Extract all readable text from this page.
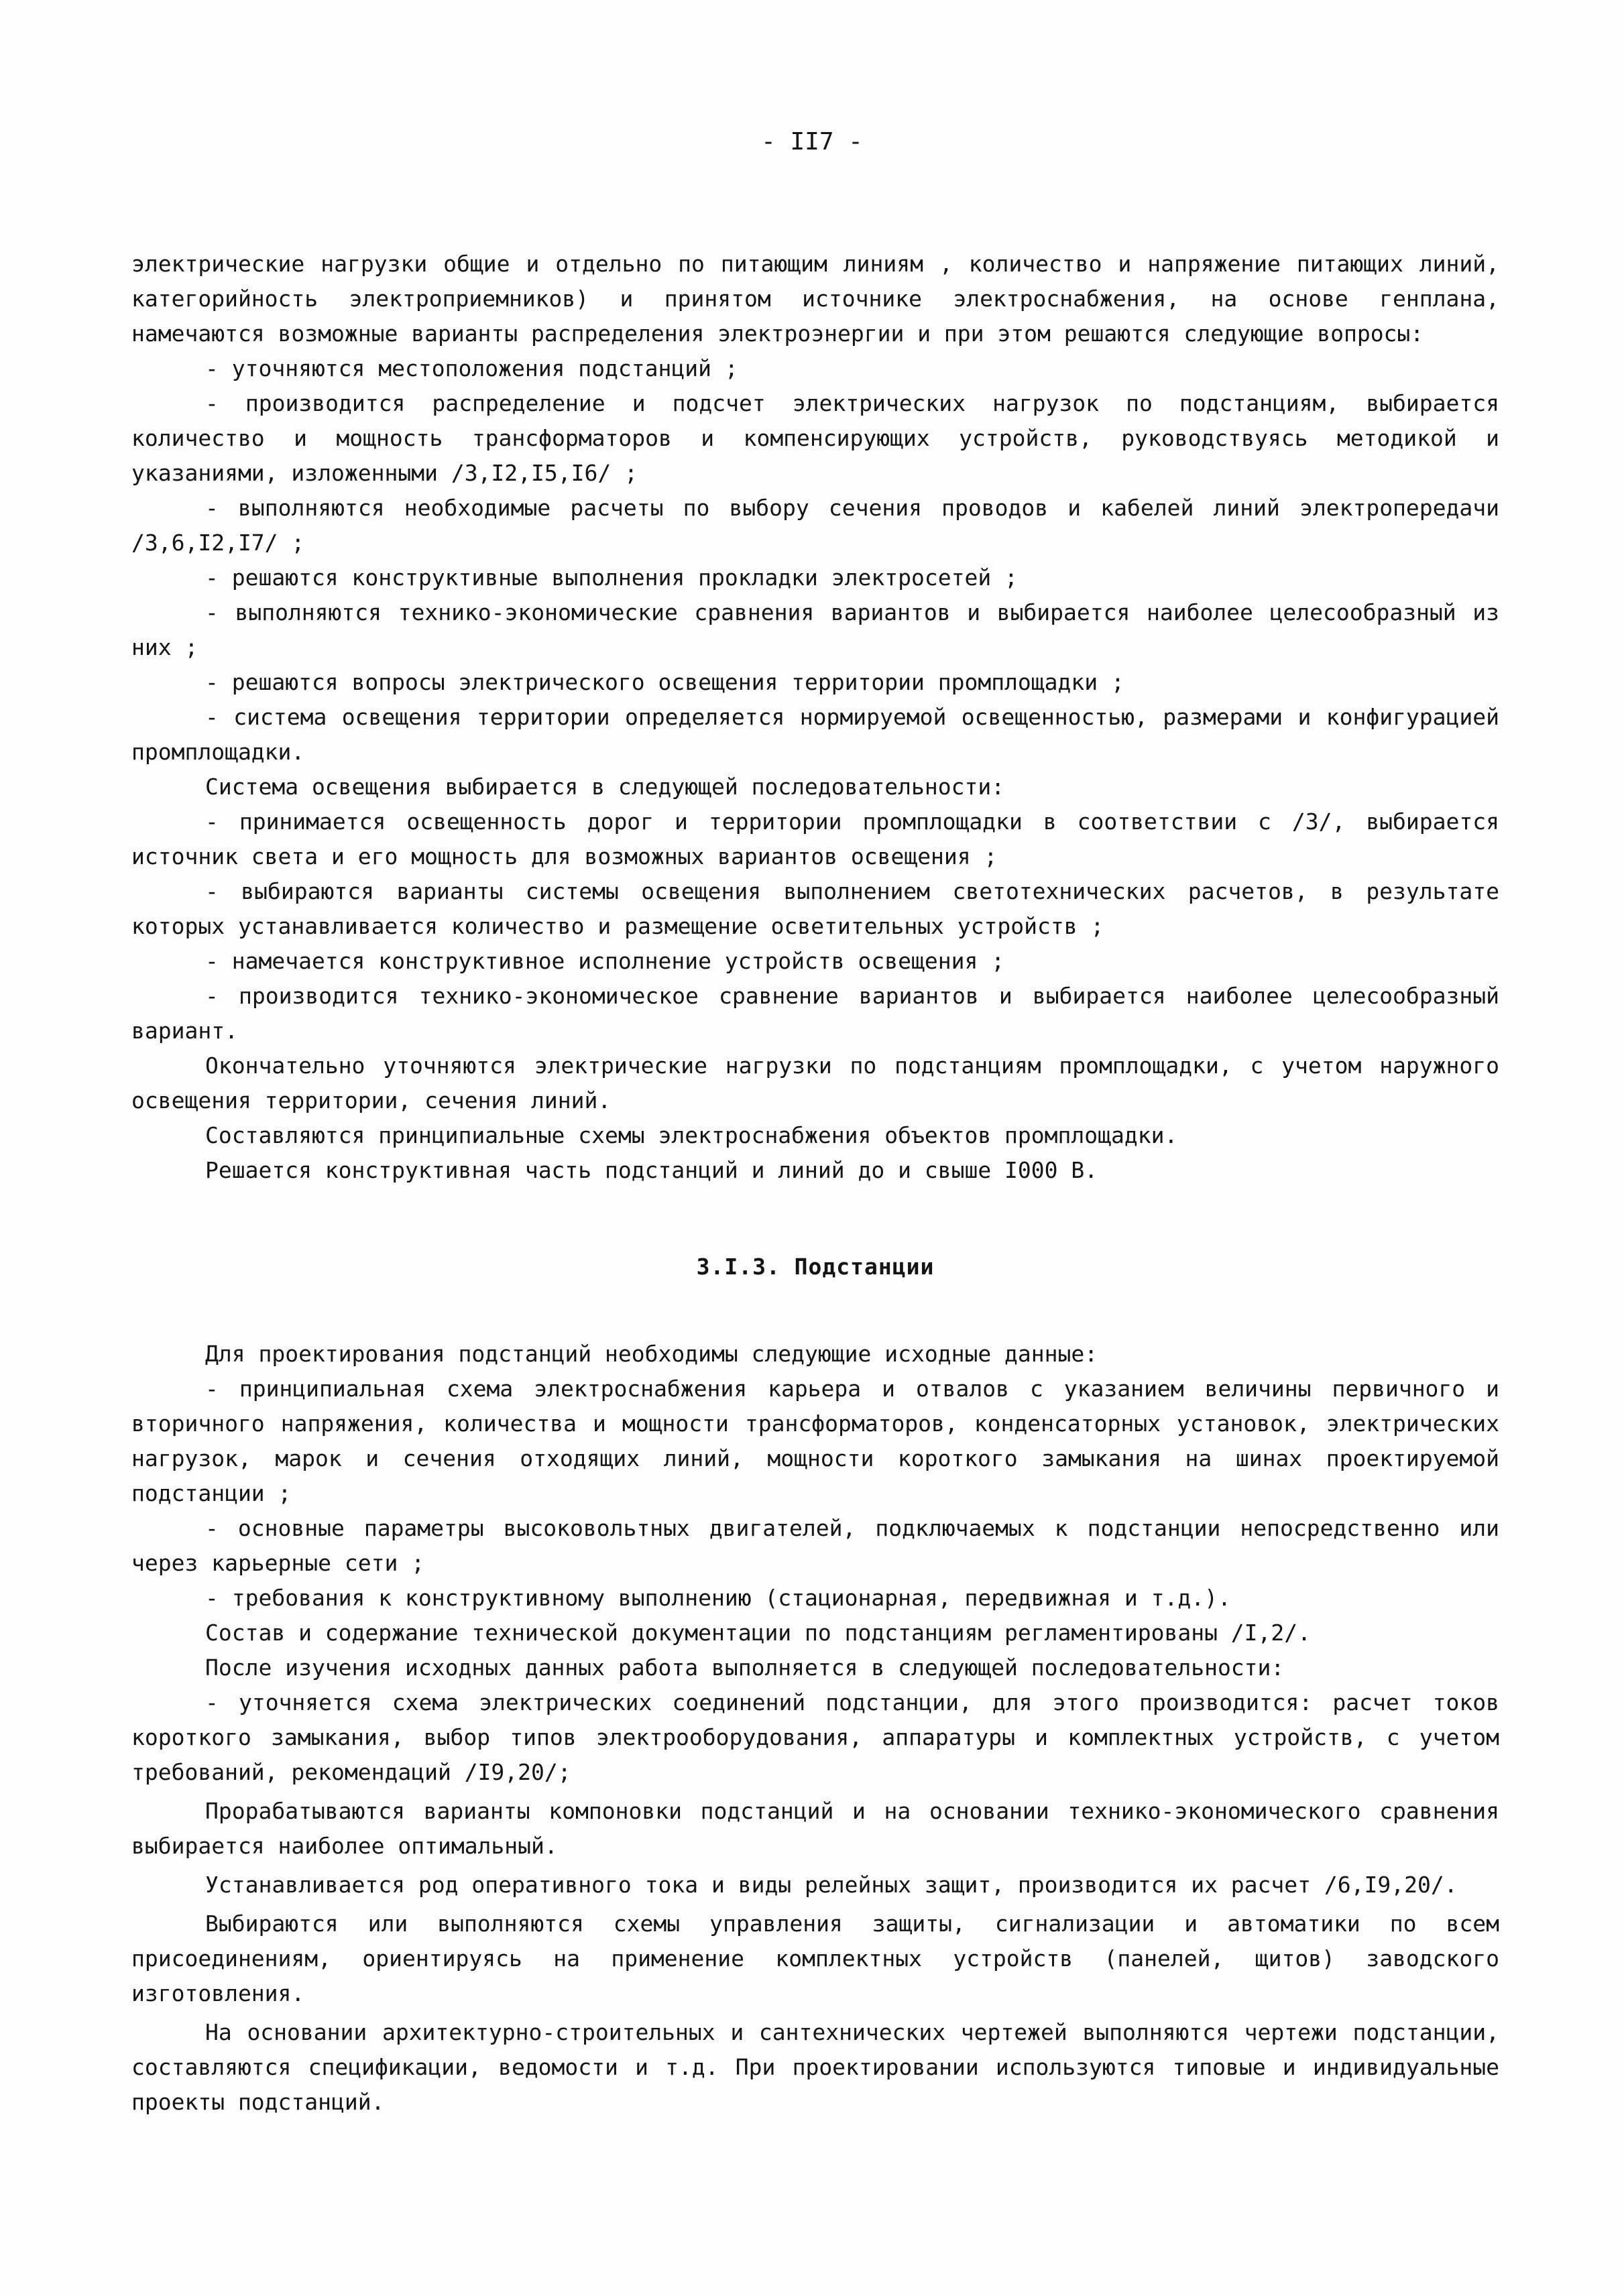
- II7 -

электрические нагрузки общие и отдельно по питающим линиям , количество и напряжение питающих линий, категорийность электроприемников) и принятом источнике электроснабжения, на основе генплана, намечаются возможные варианты распределения электроэнергии и при этом решаются следующие вопросы:

- уточняются местоположения подстанций ;

- производится распределение и подсчет электрических нагрузок по подстанциям, выбирается количество и мощность трансформаторов и компенсирующих устройств, руководствуясь методикой и указаниями, изложенными /3,I2,I5,I6/ ;

- выполняются необходимые расчеты по выбору сечения проводов и кабелей линий электропередачи /3,6,I2,I7/ ;

- решаются конструктивные выполнения прокладки электросетей ;

- выполняются технико-экономические сравнения вариантов и выбирается наиболее целесообразный из них ;

- решаются вопросы электрического освещения территории промплощадки ;

- система освещения территории определяется нормируемой освещенностью, размерами и конфигурацией промплощадки.

Система освещения выбирается в следующей последовательности:

- принимается освещенность дорог и территории промплощадки в соответствии с /3/, выбирается источник света и его мощность для возможных вариантов освещения ;

- выбираются варианты системы освещения выполнением светотехнических расчетов, в результате которых устанавливается количество и размещение осветительных устройств ;

- намечается конструктивное исполнение устройств освещения ;

- производится технико-экономическое сравнение вариантов и выбирается наиболее целесообразный вариант.

Окончательно уточняются электрические нагрузки по подстанциям промплощадки, с учетом наружного освещения территории, сечения линий.

Составляются принципиальные схемы электроснабжения объектов промплощадки.

Решается конструктивная часть подстанций и линий до и свыше I000 В.

3.I.3. Подстанции

Для проектирования подстанций необходимы следующие исходные данные:

- принципиальная схема электроснабжения карьера и отвалов с указанием величины первичного и вторичного напряжения, количества и мощности трансформаторов, конденсаторных установок, электрических нагрузок, марок и сечения отходящих линий, мощности короткого замыкания на шинах проектируемой подстанции ;

- основные параметры высоковольтных двигателей, подключаемых к подстанции непосредственно или через карьерные сети ;

- требования к конструктивному выполнению (стационарная, передвижная и т.д.).

Состав и содержание технической документации по подстанциям регламентированы /I,2/.

После изучения исходных данных работа выполняется в следующей последовательности:

- уточняется схема электрических соединений подстанции, для этого производится: расчет токов короткого замыкания, выбор типов электрооборудования, аппаратуры и комплектных устройств, с учетом требований, рекомендаций /I9,20/;

Прорабатываются варианты компоновки подстанций и на основании технико-экономического сравнения выбирается наиболее оптимальный.

Устанавливается род оперативного тока и виды релейных защит, производится их расчет /6,I9,20/.

Выбираются или выполняются схемы управления защиты, сигнализации и автоматики по всем присоединениям, ориентируясь на применение комплектных устройств (панелей, щитов) заводского изготовления.

На основании архитектурно-строительных и сантехнических чертежей выполняются чертежи подстанции, составляются спецификации, ведомости и т.д. При проектировании используются типовые и индивидуальные проекты подстанций.
